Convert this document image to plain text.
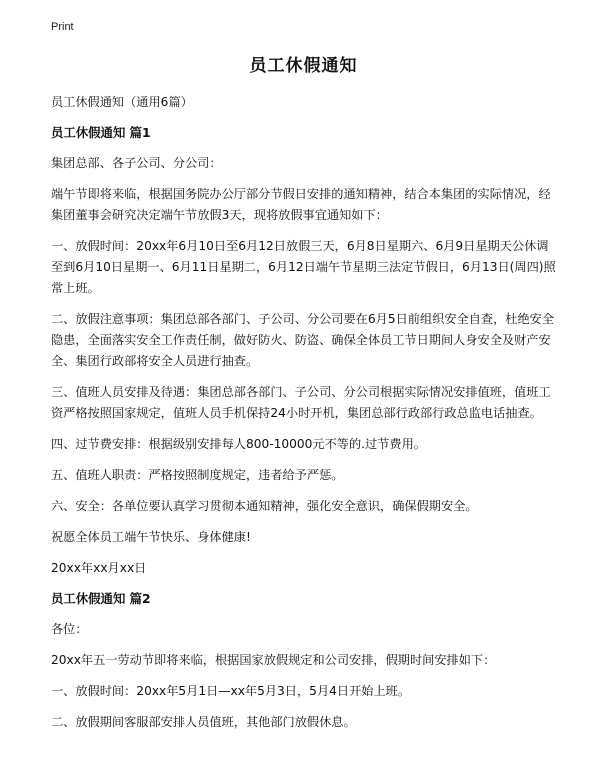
Print
员工休假通知

员工休假通知（通用6篇）

员工休假通知 篇1

集团总部、各子公司、分公司：

端午节即将来临，根据国务院办公厅部分节假日安排的通知精神，结合本集团的实际情况，经集团董事会研究决定端午节放假3天，现将放假事宜通知如下：

一、放假时间：20xx年6月10日至6月12日放假三天，6月8日星期六、6月9日星期天公休调至到6月10日星期一、6月11日星期二，6月12日端午节星期三法定节假日，6月13日(周四)照常上班。

二、放假注意事项：集团总部各部门、子公司、分公司要在6月5日前组织安全自查，杜绝安全隐患，全面落实安全工作责任制，做好防火、防盗、确保全体员工节日期间人身安全及财产安全、集团行政部将安全人员进行抽查。

三、值班人员安排及待遇：集团总部各部门、子公司、分公司根据实际情况安排值班，值班工资严格按照国家规定，值班人员手机保持24小时开机，集团总部行政部行政总监电话抽查。

四、过节费安排：根据级别安排每人800-10000元不等的.过节费用。

五、值班人职责：严格按照制度规定，违者给予严惩。

六、安全：各单位要认真学习贯彻本通知精神，强化安全意识，确保假期安全。

祝愿全体员工端午节快乐、身体健康!

20xx年xx月xx日

员工休假通知 篇2

各位：

20xx年五一劳动节即将来临，根据国家放假规定和公司安排，假期时间安排如下：

一、放假时间：20xx年5月1日—xx年5月3日，5月4日开始上班。

二、放假期间客服部安排人员值班，其他部门放假休息。
